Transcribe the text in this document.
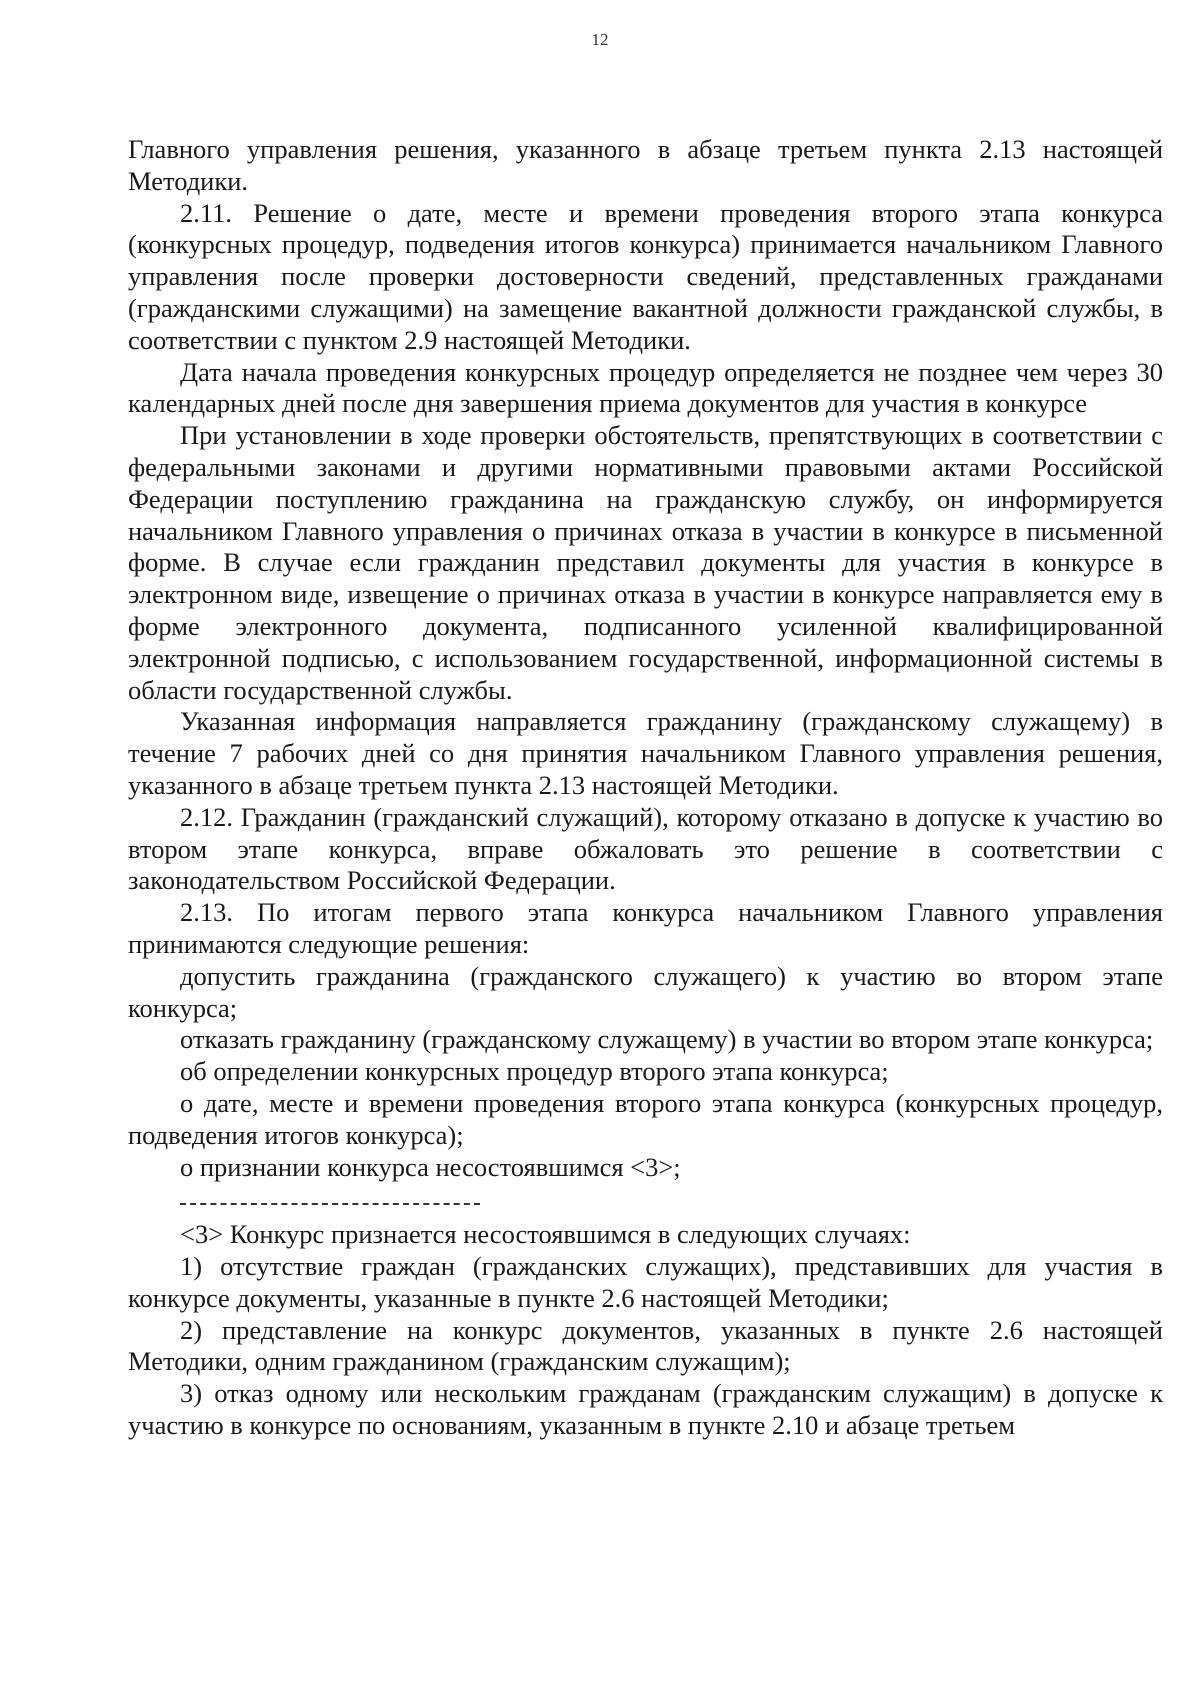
12

Главного управления решения, указанного в абзаце третьем пункта 2.13 настоящей Методики.

2.11. Решение о дате, месте и времени проведения второго этапа конкурса (конкурсных процедур, подведения итогов конкурса) принимается начальником Главного управления после проверки достоверности сведений, представленных гражданами (гражданскими служащими) на замещение вакантной должности гражданской службы, в соответствии с пунктом 2.9 настоящей Методики.

Дата начала проведения конкурсных процедур определяется не позднее чем через 30 календарных дней после дня завершения приема документов для участия в конкурсе

При установлении в ходе проверки обстоятельств, препятствующих в соответствии с федеральными законами и другими нормативными правовыми актами Российской Федерации поступлению гражданина на гражданскую службу, он информируется начальником Главного управления о причинах отказа в участии в конкурсе в письменной форме. В случае если гражданин представил документы для участия в конкурсе в электронном виде, извещение о причинах отказа в участии в конкурсе направляется ему в форме электронного документа, подписанного усиленной квалифицированной электронной подписью, с использованием государственной, информационной системы в области государственной службы.

Указанная информация направляется гражданину (гражданскому служащему) в течение 7 рабочих дней со дня принятия начальником Главного управления решения, указанного в абзаце третьем пункта 2.13 настоящей Методики.

2.12. Гражданин (гражданский служащий), которому отказано в допуске к участию во втором этапе конкурса, вправе обжаловать это решение в соответствии с законодательством Российской Федерации.

2.13. По итогам первого этапа конкурса начальником Главного управления принимаются следующие решения:

допустить гражданина (гражданского служащего) к участию во втором этапе конкурса;

отказать гражданину (гражданскому служащему) в участии во втором этапе конкурса;

об определении конкурсных процедур второго этапа конкурса;

о дате, месте и времени проведения второго этапа конкурса (конкурсных процедур, подведения итогов конкурса);

о признании конкурса несостоявшимся <3>;

<3> Конкурс признается несостоявшимся в следующих случаях:

1) отсутствие граждан (гражданских служащих), представивших для участия в конкурсе документы, указанные в пункте 2.6 настоящей Методики;

2) представление на конкурс документов, указанных в пункте 2.6 настоящей Методики, одним гражданином (гражданским служащим);

3) отказ одному или нескольким гражданам (гражданским служащим) в допуске к участию в конкурсе по основаниям, указанным в пункте 2.10 и абзаце третьем
